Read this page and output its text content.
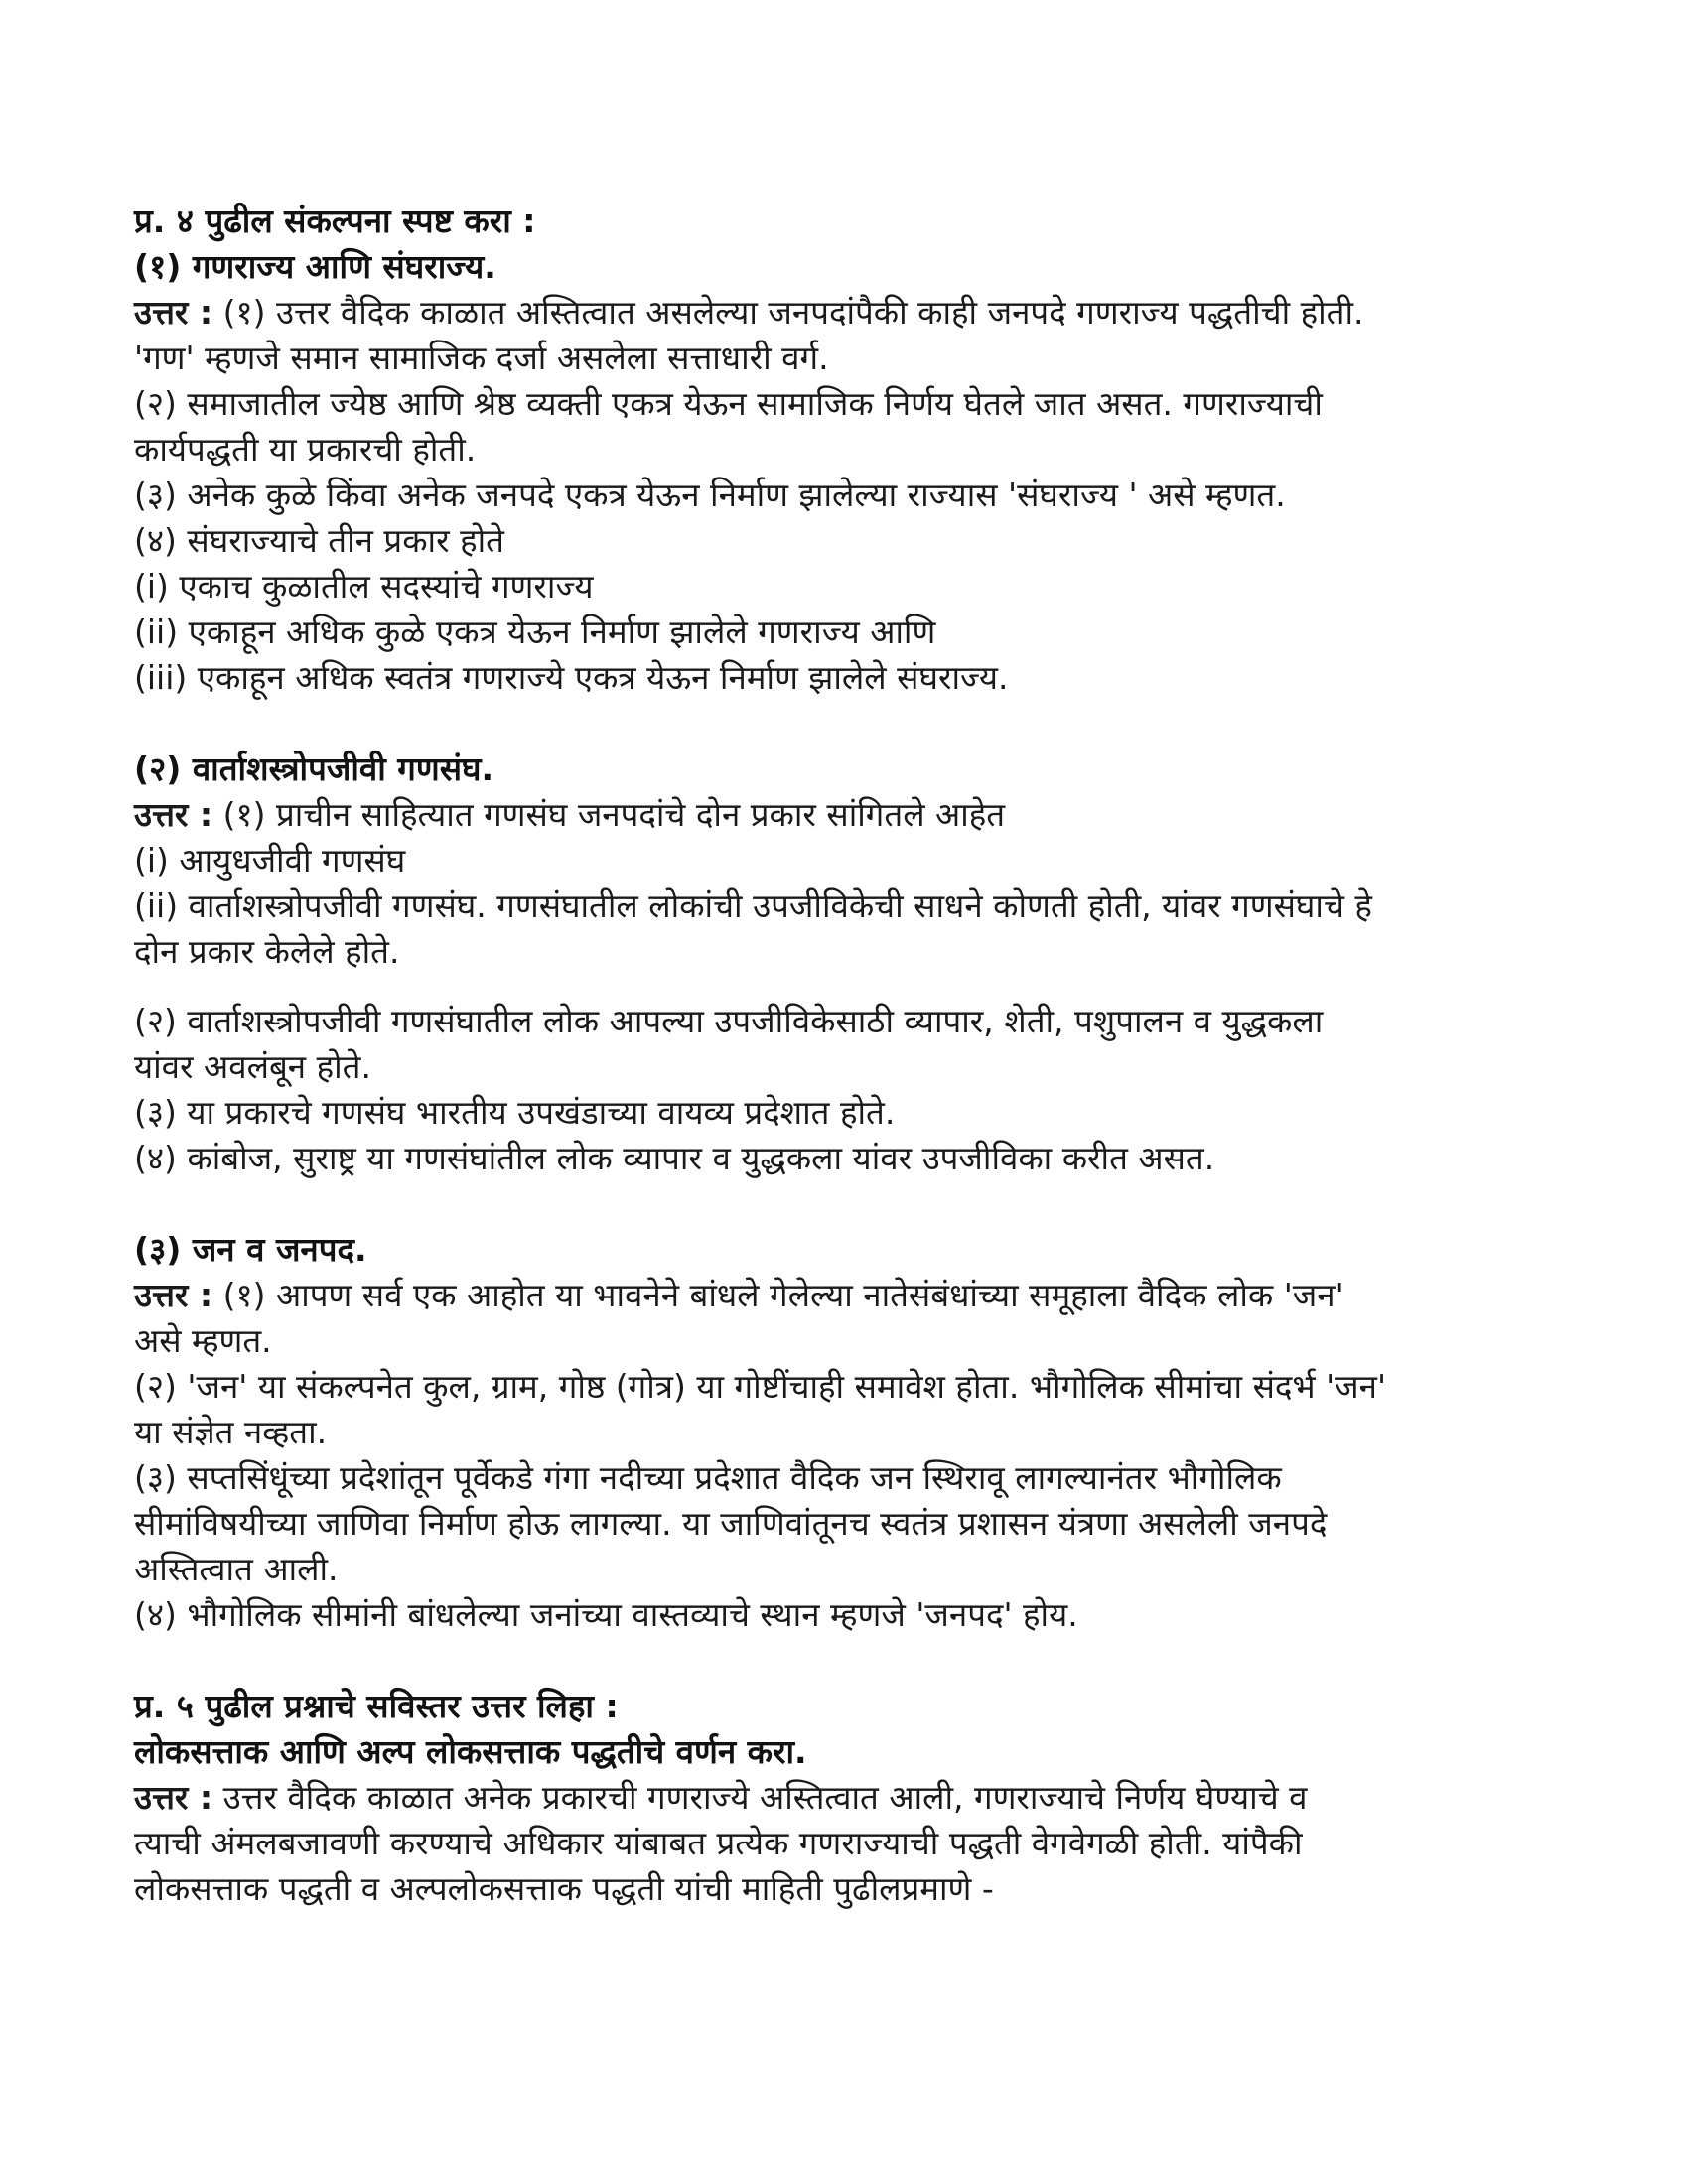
प्र. ४ पुढील संकल्पना स्पष्ट करा :
(१) गणराज्य आणि संघराज्य.
उत्तर : (१) उत्तर वैदिक काळात अस्तित्वात असलेल्या जनपदांपैकी काही जनपदे गणराज्य पद्धतीची होती.
'गण' म्हणजे समान सामाजिक दर्जा असलेला सत्ताधारी वर्ग.
(२) समाजातील ज्येष्ठ आणि श्रेष्ठ व्यक्ती एकत्र येऊन सामाजिक निर्णय घेतले जात असत. गणराज्याची
कार्यपद्धती या प्रकारची होती.
(३) अनेक कुळे किंवा अनेक जनपदे एकत्र येऊन निर्माण झालेल्या राज्यास 'संघराज्य ' असे म्हणत.
(४) संघराज्याचे तीन प्रकार होते
(i) एकाच कुळातील सदस्यांचे गणराज्य
(ii) एकाहून अधिक कुळे एकत्र येऊन निर्माण झालेले गणराज्य आणि
(iii) एकाहून अधिक स्वतंत्र गणराज्ये एकत्र येऊन निर्माण झालेले संघराज्य.
(२) वार्ताशस्त्रोपजीवी गणसंघ.
उत्तर : (१) प्राचीन साहित्यात गणसंघ जनपदांचे दोन प्रकार सांगितले आहेत
(i) आयुधजीवी गणसंघ
(ii) वार्ताशस्त्रोपजीवी गणसंघ. गणसंघातील लोकांची उपजीविकेची साधने कोणती होती, यांवर गणसंघाचे हे
दोन प्रकार केलेले होते.
(२) वार्ताशस्त्रोपजीवी गणसंघातील लोक आपल्या उपजीविकेसाठी व्यापार, शेती, पशुपालन व युद्धकला
यांवर अवलंबून होते.
(३) या प्रकारचे गणसंघ भारतीय उपखंडाच्या वायव्य प्रदेशात होते.
(४) कांबोज, सुराष्ट्र या गणसंघांतील लोक व्यापार व युद्धकला यांवर उपजीविका करीत असत.
(३) जन व जनपद.
उत्तर : (१) आपण सर्व एक आहोत या भावनेने बांधले गेलेल्या नातेसंबंधांच्या समूहाला वैदिक लोक 'जन'
असे म्हणत.
(२) 'जन' या संकल्पनेत कुल, ग्राम, गोष्ठ (गोत्र) या गोष्टींचाही समावेश होता. भौगोलिक सीमांचा संदर्भ 'जन'
या संज्ञेत नव्हता.
(३) सप्तसिंधूंच्या प्रदेशांतून पूर्वेकडे गंगा नदीच्या प्रदेशात वैदिक जन स्थिरावू लागल्यानंतर भौगोलिक
सीमांविषयीच्या जाणिवा निर्माण होऊ लागल्या. या जाणिवांतूनच स्वतंत्र प्रशासन यंत्रणा असलेली जनपदे
अस्तित्वात आली.
(४) भौगोलिक सीमांनी बांधलेल्या जनांच्या वास्तव्याचे स्थान म्हणजे 'जनपद' होय.
प्र. ५ पुढील प्रश्नाचे सविस्तर उत्तर लिहा :
लोकसत्ताक आणि अल्प लोकसत्ताक पद्धतीचे वर्णन करा.
उत्तर : उत्तर वैदिक काळात अनेक प्रकारची गणराज्ये अस्तित्वात आली, गणराज्याचे निर्णय घेण्याचे व
त्याची अंमलबजावणी करण्याचे अधिकार यांबाबत प्रत्येक गणराज्याची पद्धती वेगवेगळी होती. यांपैकी
लोकसत्ताक पद्धती व अल्पलोकसत्ताक पद्धती यांची माहिती पुढीलप्रमाणे -
